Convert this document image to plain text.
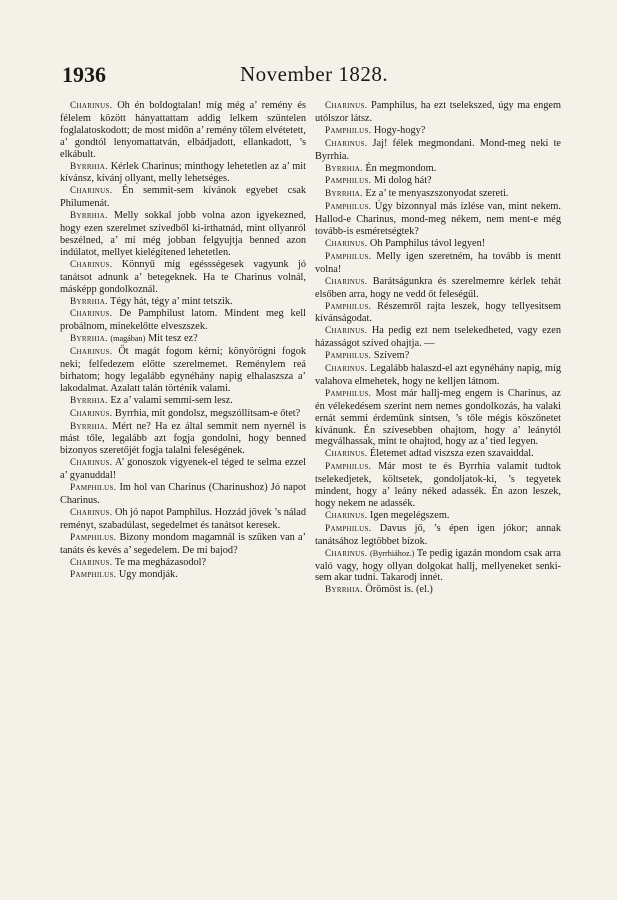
1936	November 1828.

Charinus. Oh én boldogtalan! míg még a’ remény és félelem között hányattattam addig lelkem szüntelen foglalatoskodott; de most midőn a’ remény tőlem elvétetett, a’ gondtól lenyomattatván, elbádjadott, ellankadott, ’s elkábult.

Byrrhia. Kérlek Charinus; minthogy lehetetlen az a’ mit kívánsz, kívánj ollyant, melly lehetséges.

Charinus. Én semmit-sem kívánok egyebet csak Philumenát.

Byrrhia. Melly sokkal jobb volna azon igyekezned, hogy ezen szerelmet szívedből ki-irthatnád, mint ollyanról beszélned, a’ mi még jobban felgyujtja benned azon indúlatot, mellyet kielégítened lehetetlen.

Charinus. Könnyű míg egéssségesek vagyunk jó tanátsot adnunk a’ betegeknek. Ha te Charinus volnál, másképp gondolkoznál.

Byrrhia. Tégy hát, tégy a’ mint tetszik.

Charinus. De Pamphilust latom. Mindent meg kell probálnom, minekelőtte elveszszek.

Byrrhia. (magában) Mit tesz ez?

Charinus. Őt magát fogom kérni; könyörögni fogok neki; felfedezem előtte szerelmemet. Reménylem reá birhatom; hogy legalább egynéhány napig elhalaszsza a’ lakodalmat. Azalatt talán történik valami.

Byrrhia. Ez a’ valami semmi-sem lesz.

Charinus. Byrrhia, mit gondolsz, megszóllítsam-e őtet?

Byrrhia. Mért ne? Ha ez által semmit nem nyernél is mást tőle, legalább azt fogja gondolni, hogy benned bizonyos szeretőjét fogja talalni feleségének.

Charinus. A’ gonoszok vigyenek-el téged te selma ezzel a’ gyanuddal!

Pamphilus. Im hol van Charinus (Charinushoz) Jó napot Charinus.

Charinus. Oh jó napot Pamphilus. Hozzád jövek ’s nálad reményt, szabadúlast, segedelmet és tanátsot keresek.

Pamphilus. Bizony mondom magamnál is szűken van a’ tanáts és kevés a’ segedelem. De mi bajod?

Charinus. Te ma megházasodol?

Pamphilus. Ugy mondják.

Charinus. Pamphilus, ha ezt tselekszed, úgy ma engem utólszor látsz.

Pamphilus. Hogy-hogy?

Charinus. Jaj! félek megmondani. Mond-meg neki te Byrrhia.

Byrrhia. Én megmondom.

Pamphilus. Mi dolog hát?

Byrrhia. Ez a’ te menyaszszonyodat szereti.

Pamphilus. Úgy bizonnyal más ízlése van, mint nekem. Hallod-e Charinus, mond-meg nékem, nem ment-e még tovább-is esméretségtek?

Charinus. Oh Pamphilus távol legyen!

Pamphilus. Melly igen szeretném, ha tovább is mentt volna!

Charinus. Barátságunkra és szerelmemre kérlek tehát elsőben arra, hogy ne vedd őt feleségűl.

Pamphilus. Részemről rajta leszek, hogy tellyesitsem kívánságodat.

Charinus. Ha pedig ezt nem tselekedheted, vagy ezen házasságot szíved ohajtja. —

Pamphilus. Szívem?

Charinus. Legalább halaszd-el azt egynéhány napig, míg valahova elmehetek, hogy ne kelljen látnom.

Pamphilus. Most már hallj-meg engem is Charinus, az én vélekedésem szerint nem nemes gondolkozás, ha valaki ernát semmi érdemünk sintsen, ’s tőle mégis köszönetet kívánunk. Én szívesebben ohajtom, hogy a’ leánytól megválhassak, mint te ohajtod, hogy az a’ tied legyen.

Charinus. Életemet adtad viszsza ezen szavaiddal.

Pamphilus. Már most te és Byrrhia valamit tudtok tselekedjetek, költsetek, gondoljatok-ki, ’s tegyetek mindent, hogy a’ leány néked adassék. Én azon leszek, hogy nekem ne adassék.

Charinus. Igen megelégszem.

Pamphilus. Davus jő, ’s épen igen jókor; annak tanátsához legtöbbet bízok.

Charinus. (Byrrhiához.) Te pedig igazán mondom csak arra való vagy, hogy ollyan dolgokat hallj, mellyeneket senki-sem akar tudni. Takarodj innét.

Byrrhia. Örömöst is. (el.)
